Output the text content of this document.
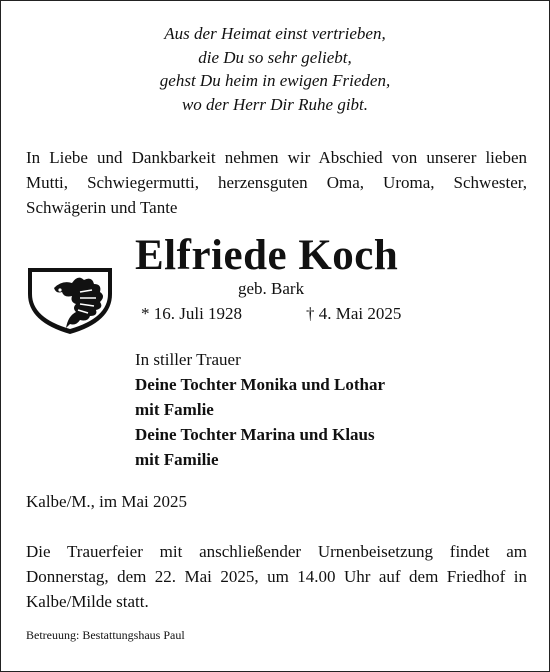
Aus der Heimat einst vertrieben,
die Du so sehr geliebt,
gehst Du heim in ewigen Frieden,
wo der Herr Dir Ruhe gibt.
In Liebe und Dankbarkeit nehmen wir Abschied von unserer lieben Mutti, Schwiegermutti, herzensguten Oma, Uroma, Schwester, Schwägerin und Tante
Elfriede Koch
geb. Bark
* 16. Juli 1928	† 4. Mai 2025
In stiller Trauer
Deine Tochter Monika und Lothar
mit Famlie
Deine Tochter Marina und Klaus
mit Familie
Kalbe/M., im Mai 2025
Die Trauerfeier mit anschließender Urnenbeisetzung findet am Donnerstag, dem 22. Mai 2025, um 14.00 Uhr auf dem Friedhof in Kalbe/Milde statt.
Betreuung: Bestattungshaus Paul
